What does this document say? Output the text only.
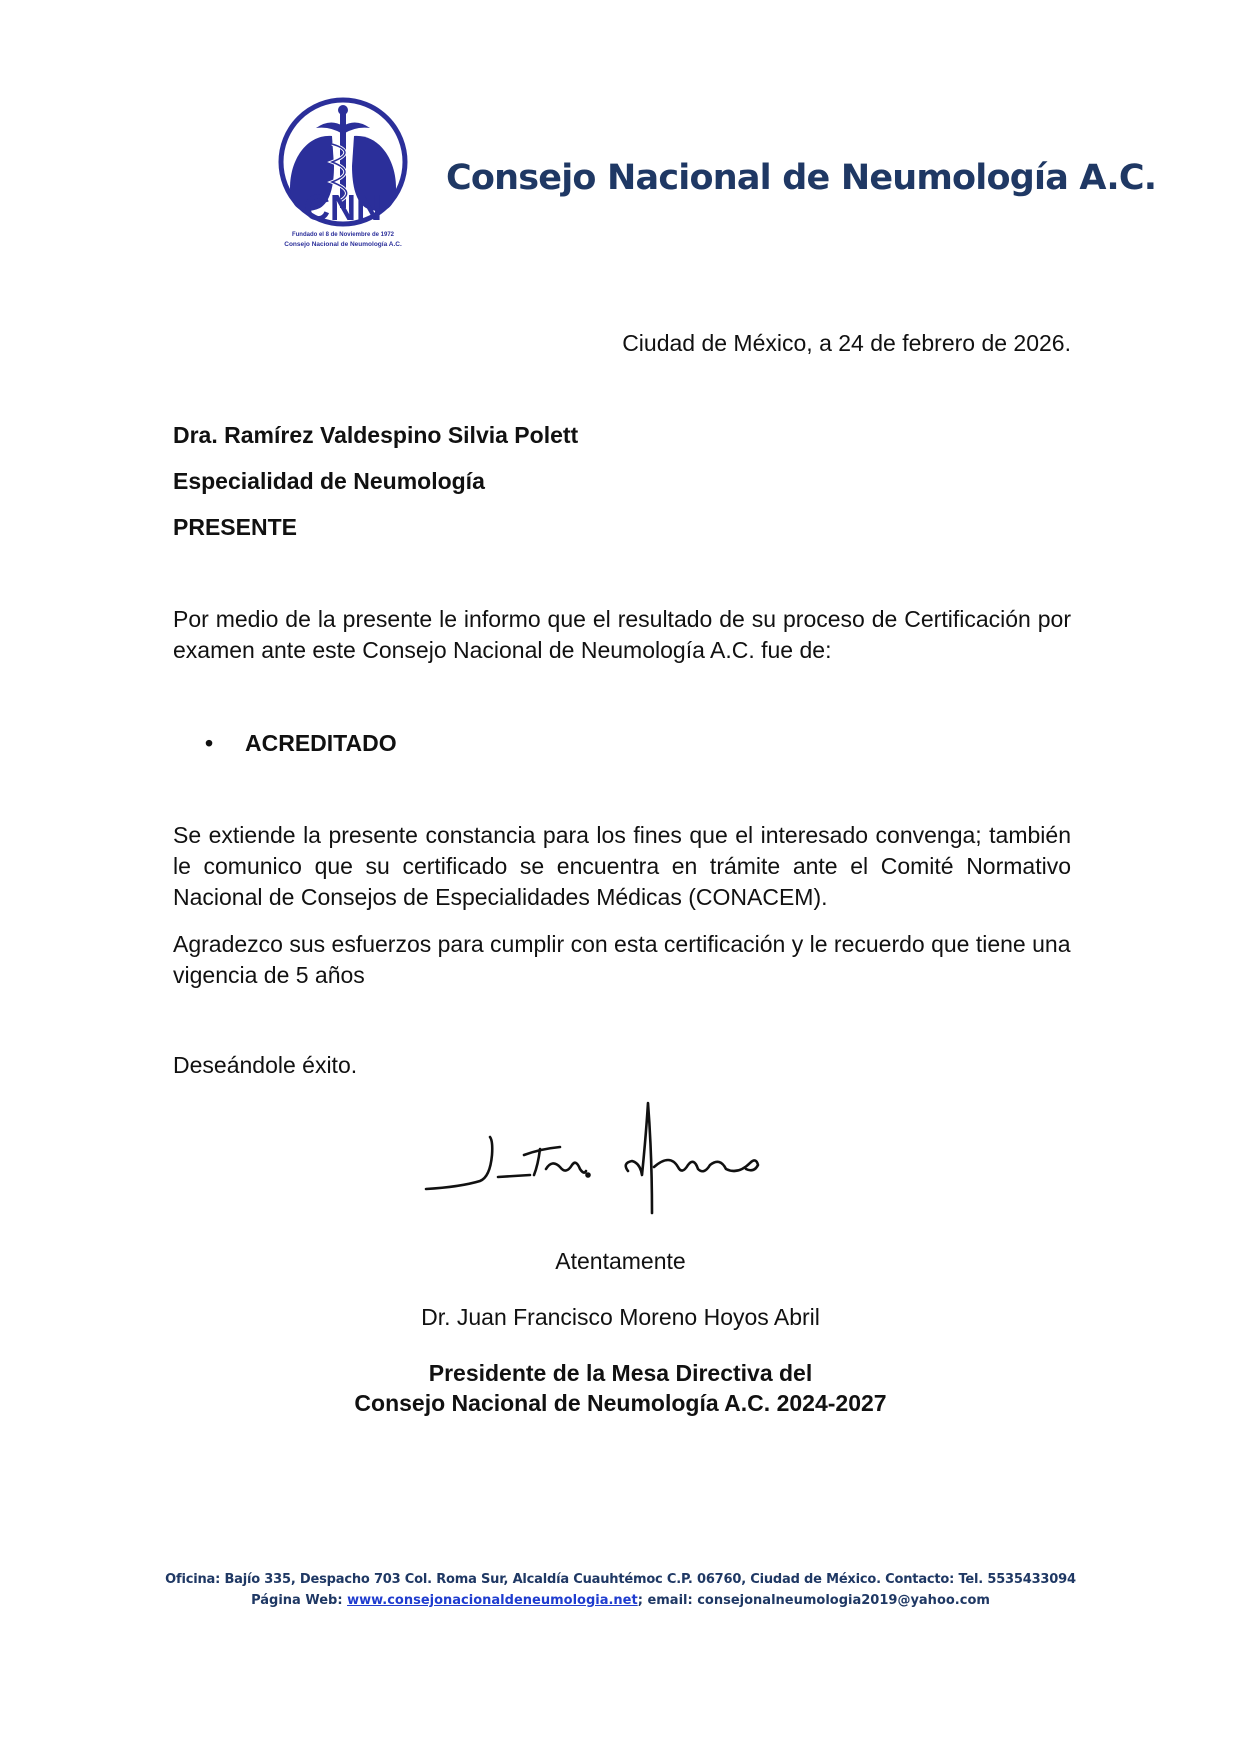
CNN
Fundado el 8 de Noviembre de 1972
Consejo Nacional de Neumología A.C.
Consejo Nacional de Neumología A.C.
Ciudad de México, a 24 de febrero de 2026.
Dra. Ramírez Valdespino Silvia Polett
Especialidad de Neumología
PRESENTE
Por medio de la presente le informo que el resultado de su proceso de Certificación por examen ante este Consejo Nacional de Neumología A.C. fue de:
• ACREDITADO
Se extiende la presente constancia para los fines que el interesado convenga; también le comunico que su certificado se encuentra en trámite ante el Comité Normativo Nacional de Consejos de Especialidades Médicas (CONACEM).
Agradezco sus esfuerzos para cumplir con esta certificación y le recuerdo que tiene una vigencia de 5 años
Deseándole éxito.
Atentamente
Dr. Juan Francisco Moreno Hoyos Abril
Presidente de la Mesa Directiva del
Consejo Nacional de Neumología A.C. 2024-2027
Oficina: Bajío 335, Despacho 703 Col. Roma Sur, Alcaldía Cuauhtémoc C.P. 06760, Ciudad de México. Contacto: Tel. 5535433094
Página Web: www.consejonacionaldeneumologia.net; email: consejonalneumologia2019@yahoo.com
